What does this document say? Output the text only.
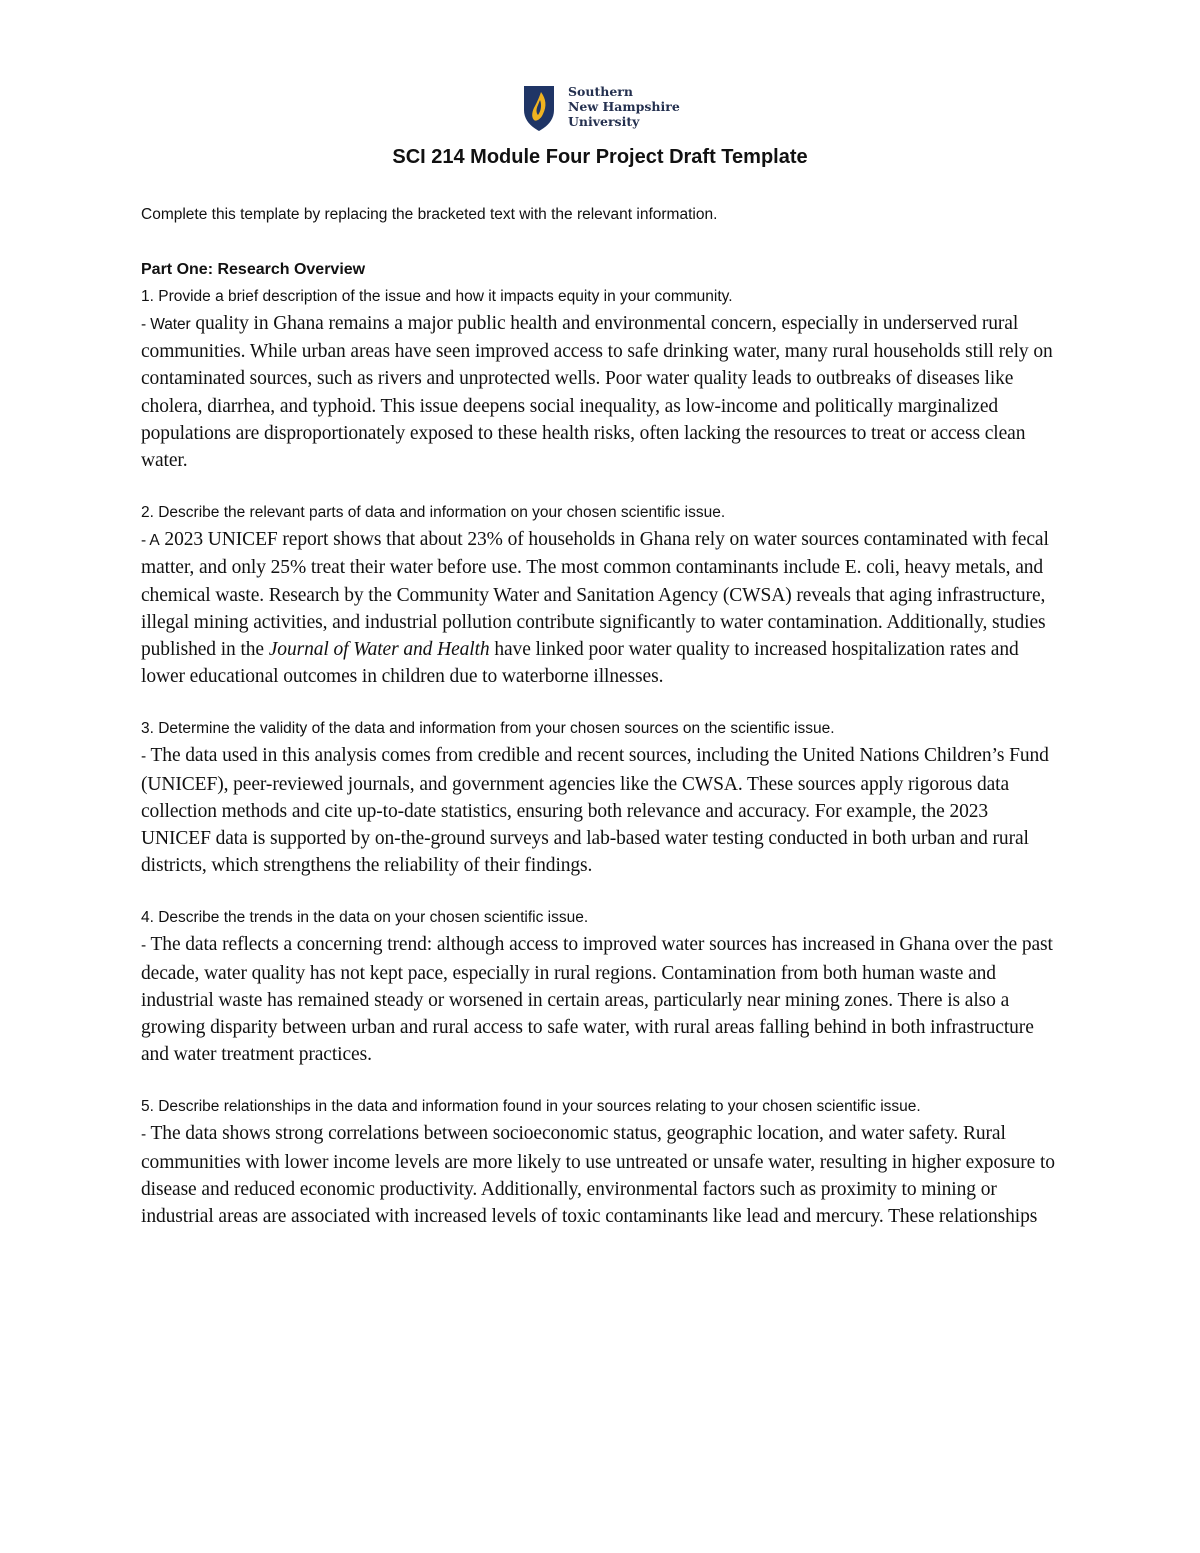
Southern
New Hampshire
University
SCI 214 Module Four Project Draft Template

Complete this template by replacing the bracketed text with the relevant information.

Part One: Research Overview

1. Provide a brief description of the issue and how it impacts equity in your community.

- Water quality in Ghana remains a major public health and environmental concern, especially in underserved rural communities. While urban areas have seen improved access to safe drinking water, many rural households still rely on contaminated sources, such as rivers and unprotected wells. Poor water quality leads to outbreaks of diseases like cholera, diarrhea, and typhoid. This issue deepens social inequality, as low-income and politically marginalized populations are disproportionately exposed to these health risks, often lacking the resources to treat or access clean water.

2. Describe the relevant parts of data and information on your chosen scientific issue.

- A 2023 UNICEF report shows that about 23% of households in Ghana rely on water sources contaminated with fecal matter, and only 25% treat their water before use. The most common contaminants include E. coli, heavy metals, and chemical waste. Research by the Community Water and Sanitation Agency (CWSA) reveals that aging infrastructure, illegal mining activities, and industrial pollution contribute significantly to water contamination. Additionally, studies published in the Journal of Water and Health have linked poor water quality to increased hospitalization rates and lower educational outcomes in children due to waterborne illnesses.

3. Determine the validity of the data and information from your chosen sources on the scientific issue.

- The data used in this analysis comes from credible and recent sources, including the United Nations Children’s Fund (UNICEF), peer-reviewed journals, and government agencies like the CWSA. These sources apply rigorous data collection methods and cite up-to-date statistics, ensuring both relevance and accuracy. For example, the 2023 UNICEF data is supported by on-the-ground surveys and lab-based water testing conducted in both urban and rural districts, which strengthens the reliability of their findings.

4. Describe the trends in the data on your chosen scientific issue.

- The data reflects a concerning trend: although access to improved water sources has increased in Ghana over the past decade, water quality has not kept pace, especially in rural regions. Contamination from both human waste and industrial waste has remained steady or worsened in certain areas, particularly near mining zones. There is also a growing disparity between urban and rural access to safe water, with rural areas falling behind in both infrastructure and water treatment practices.

5. Describe relationships in the data and information found in your sources relating to your chosen scientific issue.

- The data shows strong correlations between socioeconomic status, geographic location, and water safety. Rural communities with lower income levels are more likely to use untreated or unsafe water, resulting in higher exposure to disease and reduced economic productivity. Additionally, environmental factors such as proximity to mining or industrial areas are associated with increased levels of toxic contaminants like lead and mercury. These relationships
